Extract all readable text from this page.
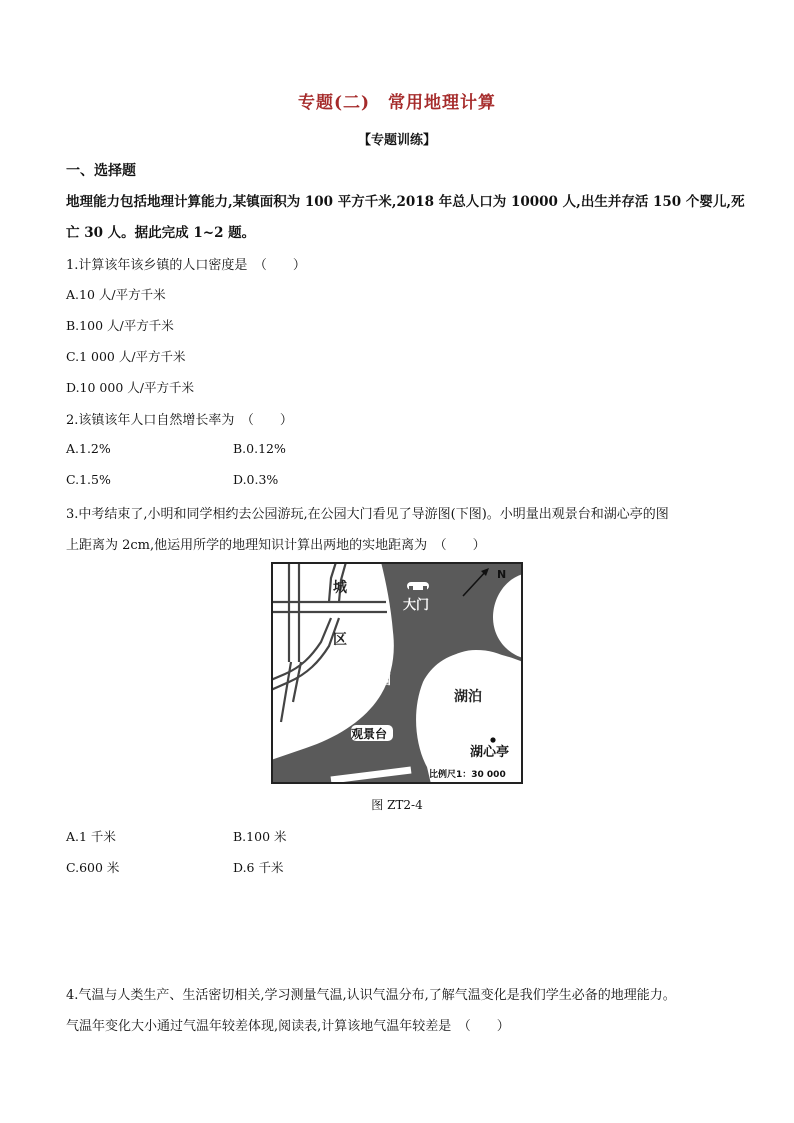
专题(二)　常用地理计算
【专题训练】
一、选择题
地理能力包括地理计算能力,某镇面积为 100 平方千米,2018 年总人口为 10000 人,出生并存活 150 个婴儿,死
亡 30 人。据此完成 1~2 题。
1.计算该年该乡镇的人口密度是　（　　）
A.10 人/平方千米
B.100 人/平方千米
C.1 000 人/平方千米
D.10 000 人/平方千米
2.该镇该年人口自然增长率为　（　　）
A.1.2%	B.0.12%
C.1.5%	D.0.3%
3.中考结束了,小明和同学相约去公园游玩,在公园大门看见了导游图(下图)。小明量出观景台和湖心亭的图
上距离为 2cm,他运用所学的地理知识计算出两地的实地距离为　（　　）
城
区
大门
N
公园
湖泊
观景台
湖心亭
比例尺1：30 000
图 ZT2-4
A.1 千米	B.100 米
C.600 米	D.6 千米
4.气温与人类生产、生活密切相关,学习测量气温,认识气温分布,了解气温变化是我们学生必备的地理能力。
气温年变化大小通过气温年较差体现,阅读表,计算该地气温年较差是　（　　）
